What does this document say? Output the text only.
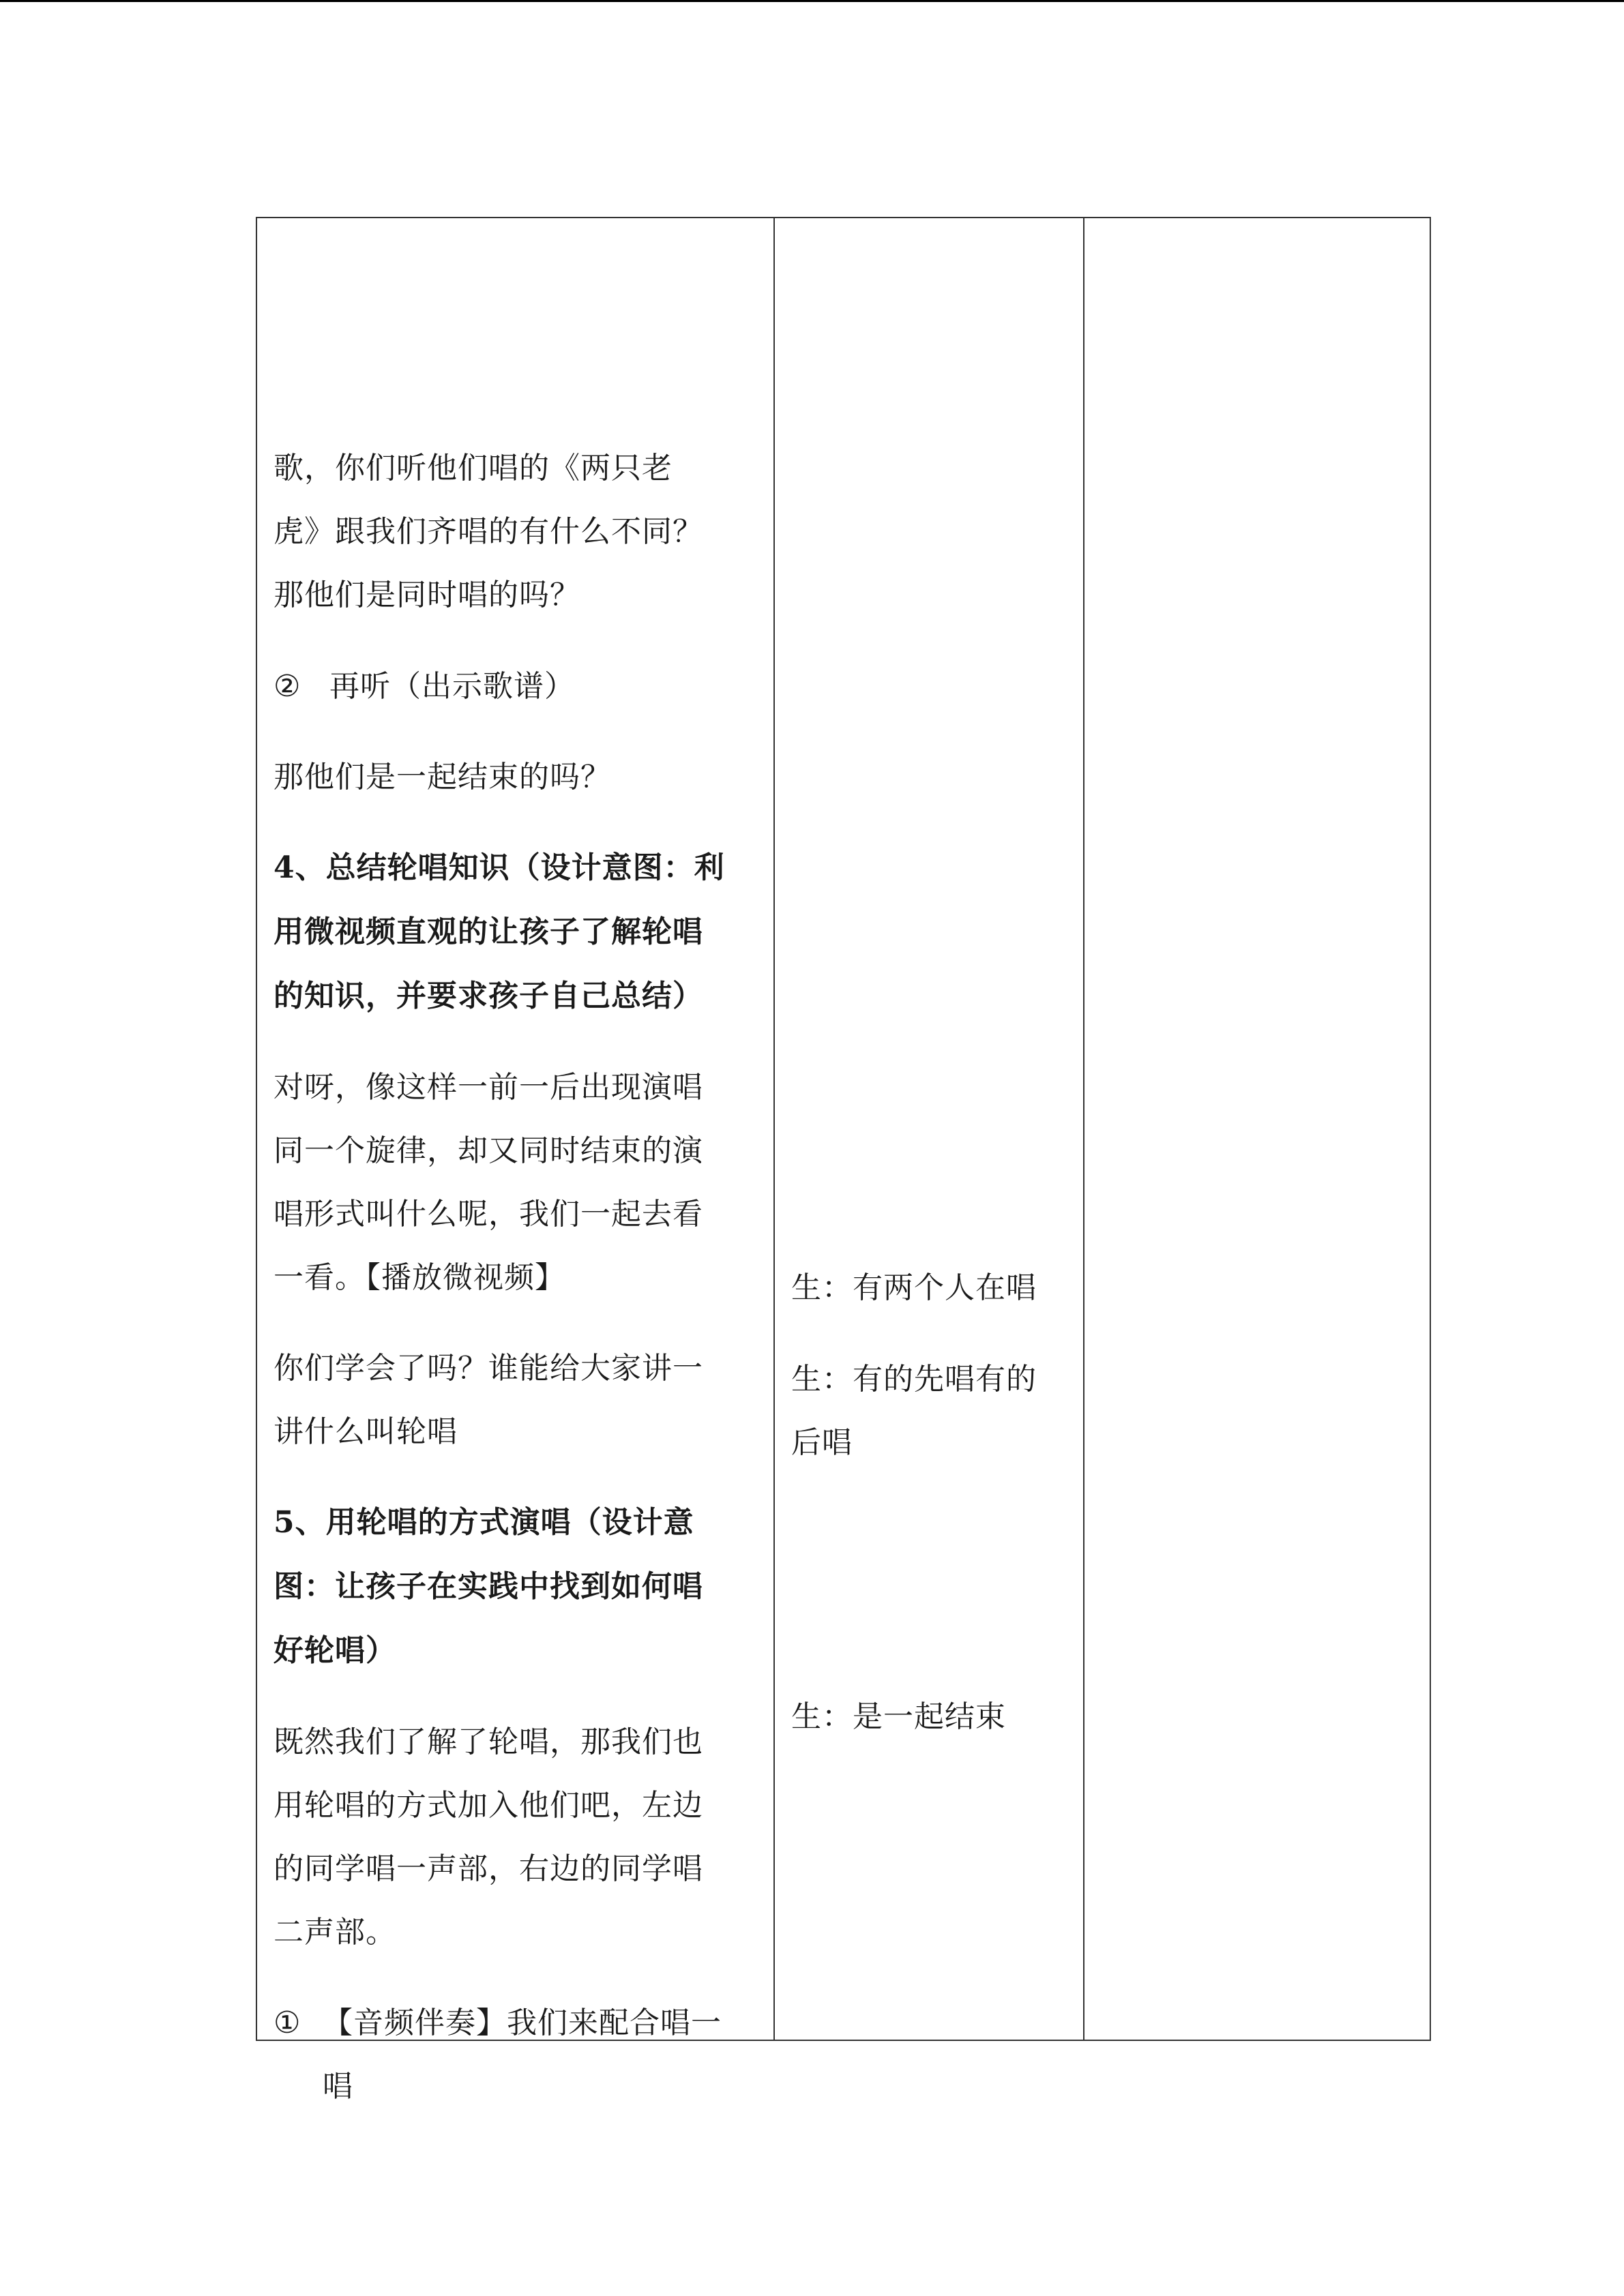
歌，你们听他们唱的《两只老
虎》跟我们齐唱的有什么不同？
那他们是同时唱的吗？
② 再听（出示歌谱）
那他们是一起结束的吗？
4、总结轮唱知识（设计意图：利
用微视频直观的让孩子了解轮唱
的知识，并要求孩子自己总结）
对呀，像这样一前一后出现演唱
同一个旋律，却又同时结束的演
唱形式叫什么呢，我们一起去看
一看。【播放微视频】
你们学会了吗？谁能给大家讲一
讲什么叫轮唱
5、用轮唱的方式演唱（设计意
图：让孩子在实践中找到如何唱
好轮唱）
既然我们了解了轮唱，那我们也
用轮唱的方式加入他们吧，左边
的同学唱一声部，右边的同学唱
二声部。
① 【音频伴奏】我们来配合唱一
唱
生：有两个人在唱
生：有的先唱有的
后唱
生：是一起结束
